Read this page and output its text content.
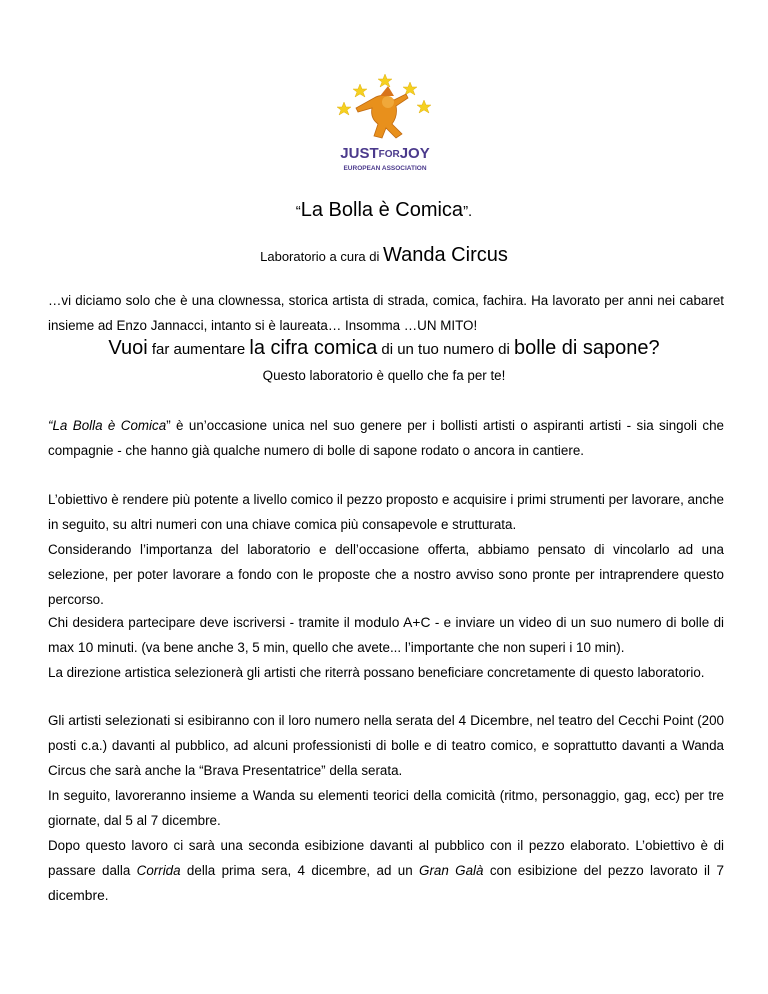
JUSTFORJOY
EUROPEAN ASSOCIATION
“La Bolla è Comica”.
Laboratorio a cura di Wanda Circus
…vi diciamo solo che è una clownessa, storica artista di strada, comica, fachira. Ha lavorato per anni nei cabaret insieme ad Enzo Jannacci, intanto si è laureata… Insomma …UN MITO!
Vuoi far aumentare la cifra comica di un tuo numero di bolle di sapone?
Questo laboratorio è quello che fa per te!
“La Bolla è Comica” è un’occasione unica nel suo genere per i bollisti artisti o aspiranti artisti - sia singoli che compagnie - che hanno già qualche numero di bolle di sapone rodato o ancora in cantiere.
L’obiettivo è rendere più potente a livello comico il pezzo proposto e acquisire i primi strumenti per lavorare, anche in seguito, su altri numeri con una chiave comica più consapevole e strutturata.
Considerando l’importanza del laboratorio e dell’occasione offerta, abbiamo pensato di vincolarlo ad una selezione, per poter lavorare a fondo con le proposte che a nostro avviso sono pronte per intraprendere questo percorso.
Chi desidera partecipare deve iscriversi - tramite il modulo A+C - e inviare un video di un suo numero di bolle di max 10 minuti. (va bene anche 3, 5 min, quello che avete... l’importante che non superi i 10 min).
La direzione artistica selezionerà gli artisti che riterrà possano beneficiare concretamente di questo laboratorio.
Gli artisti selezionati si esibiranno con il loro numero nella serata del 4 Dicembre, nel teatro del Cecchi Point (200 posti c.a.) davanti al pubblico, ad alcuni professionisti di bolle e di teatro comico, e soprattutto davanti a Wanda Circus che sarà anche la “Brava Presentatrice” della serata.
In seguito, lavoreranno insieme a Wanda su elementi teorici della comicità (ritmo, personaggio, gag, ecc) per tre giornate, dal 5 al 7 dicembre.
Dopo questo lavoro ci sarà una seconda esibizione davanti al pubblico con il pezzo elaborato. L’obiettivo è di passare dalla Corrida della prima sera, 4 dicembre, ad un Gran Galà con esibizione del pezzo lavorato il 7 dicembre.
